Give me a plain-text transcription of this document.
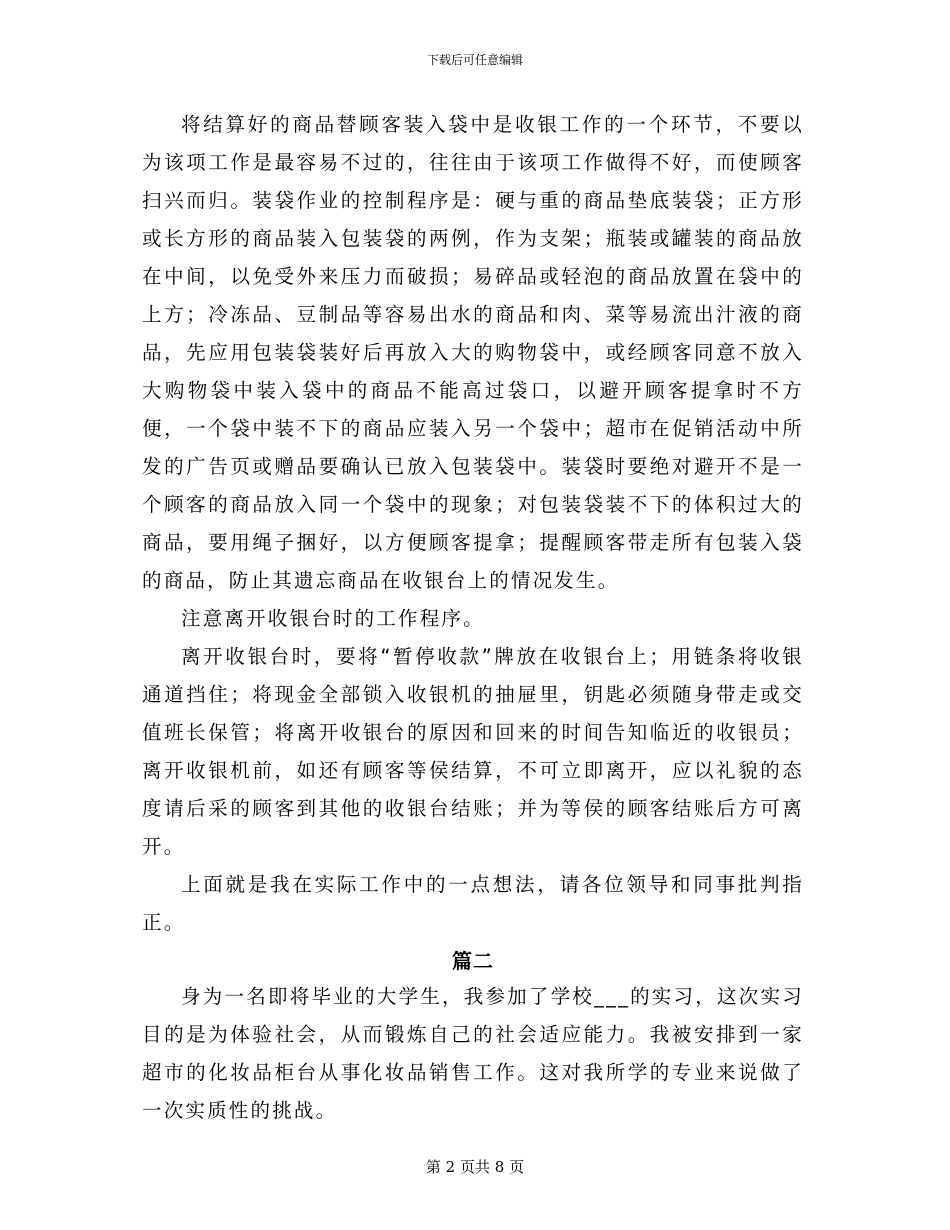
下载后可任意编辑

将结算好的商品替顾客装入袋中是收银工作的一个环节，不要以为该项工作是最容易不过的，往往由于该项工作做得不好，而使顾客扫兴而归。装袋作业的控制程序是：硬与重的商品垫底装袋；正方形或长方形的商品装入包装袋的两例，作为支架；瓶装或罐装的商品放在中间，以免受外来压力而破损；易碎品或轻泡的商品放置在袋中的上方；冷冻品、豆制品等容易出水的商品和肉、菜等易流出汁液的商品，先应用包装袋装好后再放入大的购物袋中，或经顾客同意不放入大购物袋中装入袋中的商品不能高过袋口，以避开顾客提拿时不方便，一个袋中装不下的商品应装入另一个袋中；超市在促销活动中所发的广告页或赠品要确认已放入包装袋中。装袋时要绝对避开不是一个顾客的商品放入同一个袋中的现象；对包装袋装不下的体积过大的商品，要用绳子捆好，以方便顾客提拿；提醒顾客带走所有包装入袋的商品，防止其遗忘商品在收银台上的情况发生。

注意离开收银台时的工作程序。

离开收银台时，要将“暂停收款”牌放在收银台上；用链条将收银通道挡住；将现金全部锁入收银机的抽屉里，钥匙必须随身带走或交值班长保管；将离开收银台的原因和回来的时间告知临近的收银员；离开收银机前，如还有顾客等侯结算，不可立即离开，应以礼貌的态度请后采的顾客到其他的收银台结账；并为等侯的顾客结账后方可离开。

上面就是我在实际工作中的一点想法，请各位领导和同事批判指正。

篇二

身为一名即将毕业的大学生，我参加了学校___的实习，这次实习目的是为体验社会，从而锻炼自己的社会适应能力。我被安排到一家超市的化妆品柜台从事化妆品销售工作。这对我所学的专业来说做了一次实质性的挑战。

第 2 页共 8 页
